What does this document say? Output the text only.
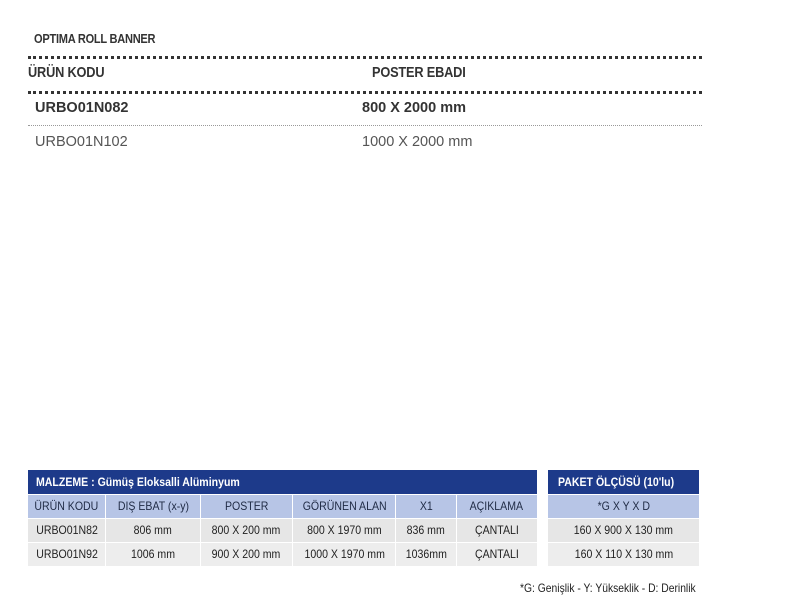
OPTIMA ROLL BANNER
ÜRÜN KODU	POSTER EBADI
URBO01N082	800 X 2000 mm
URBO01N102	1000 X 2000 mm
MALZEME : Gümüş Eloksalli Alüminyum					
ÜRÜN KODU	DIŞ EBAT (x-y)	POSTER	GÖRÜNEN ALAN	X1	AÇIKLAMA
URBO01N82	806 mm	800 X 200 mm	800 X 1970 mm	836 mm	ÇANTALI
URBO01N92	1006 mm	900 X 200 mm	1000 X 1970 mm	1036mm	ÇANTALI
PAKET ÖLÇÜSÜ (10'lu)
*G X Y X D
160 X 900 X 130 mm
160 X 110 X 130 mm
*G: Genişlik - Y: Yükseklik - D: Derinlik
